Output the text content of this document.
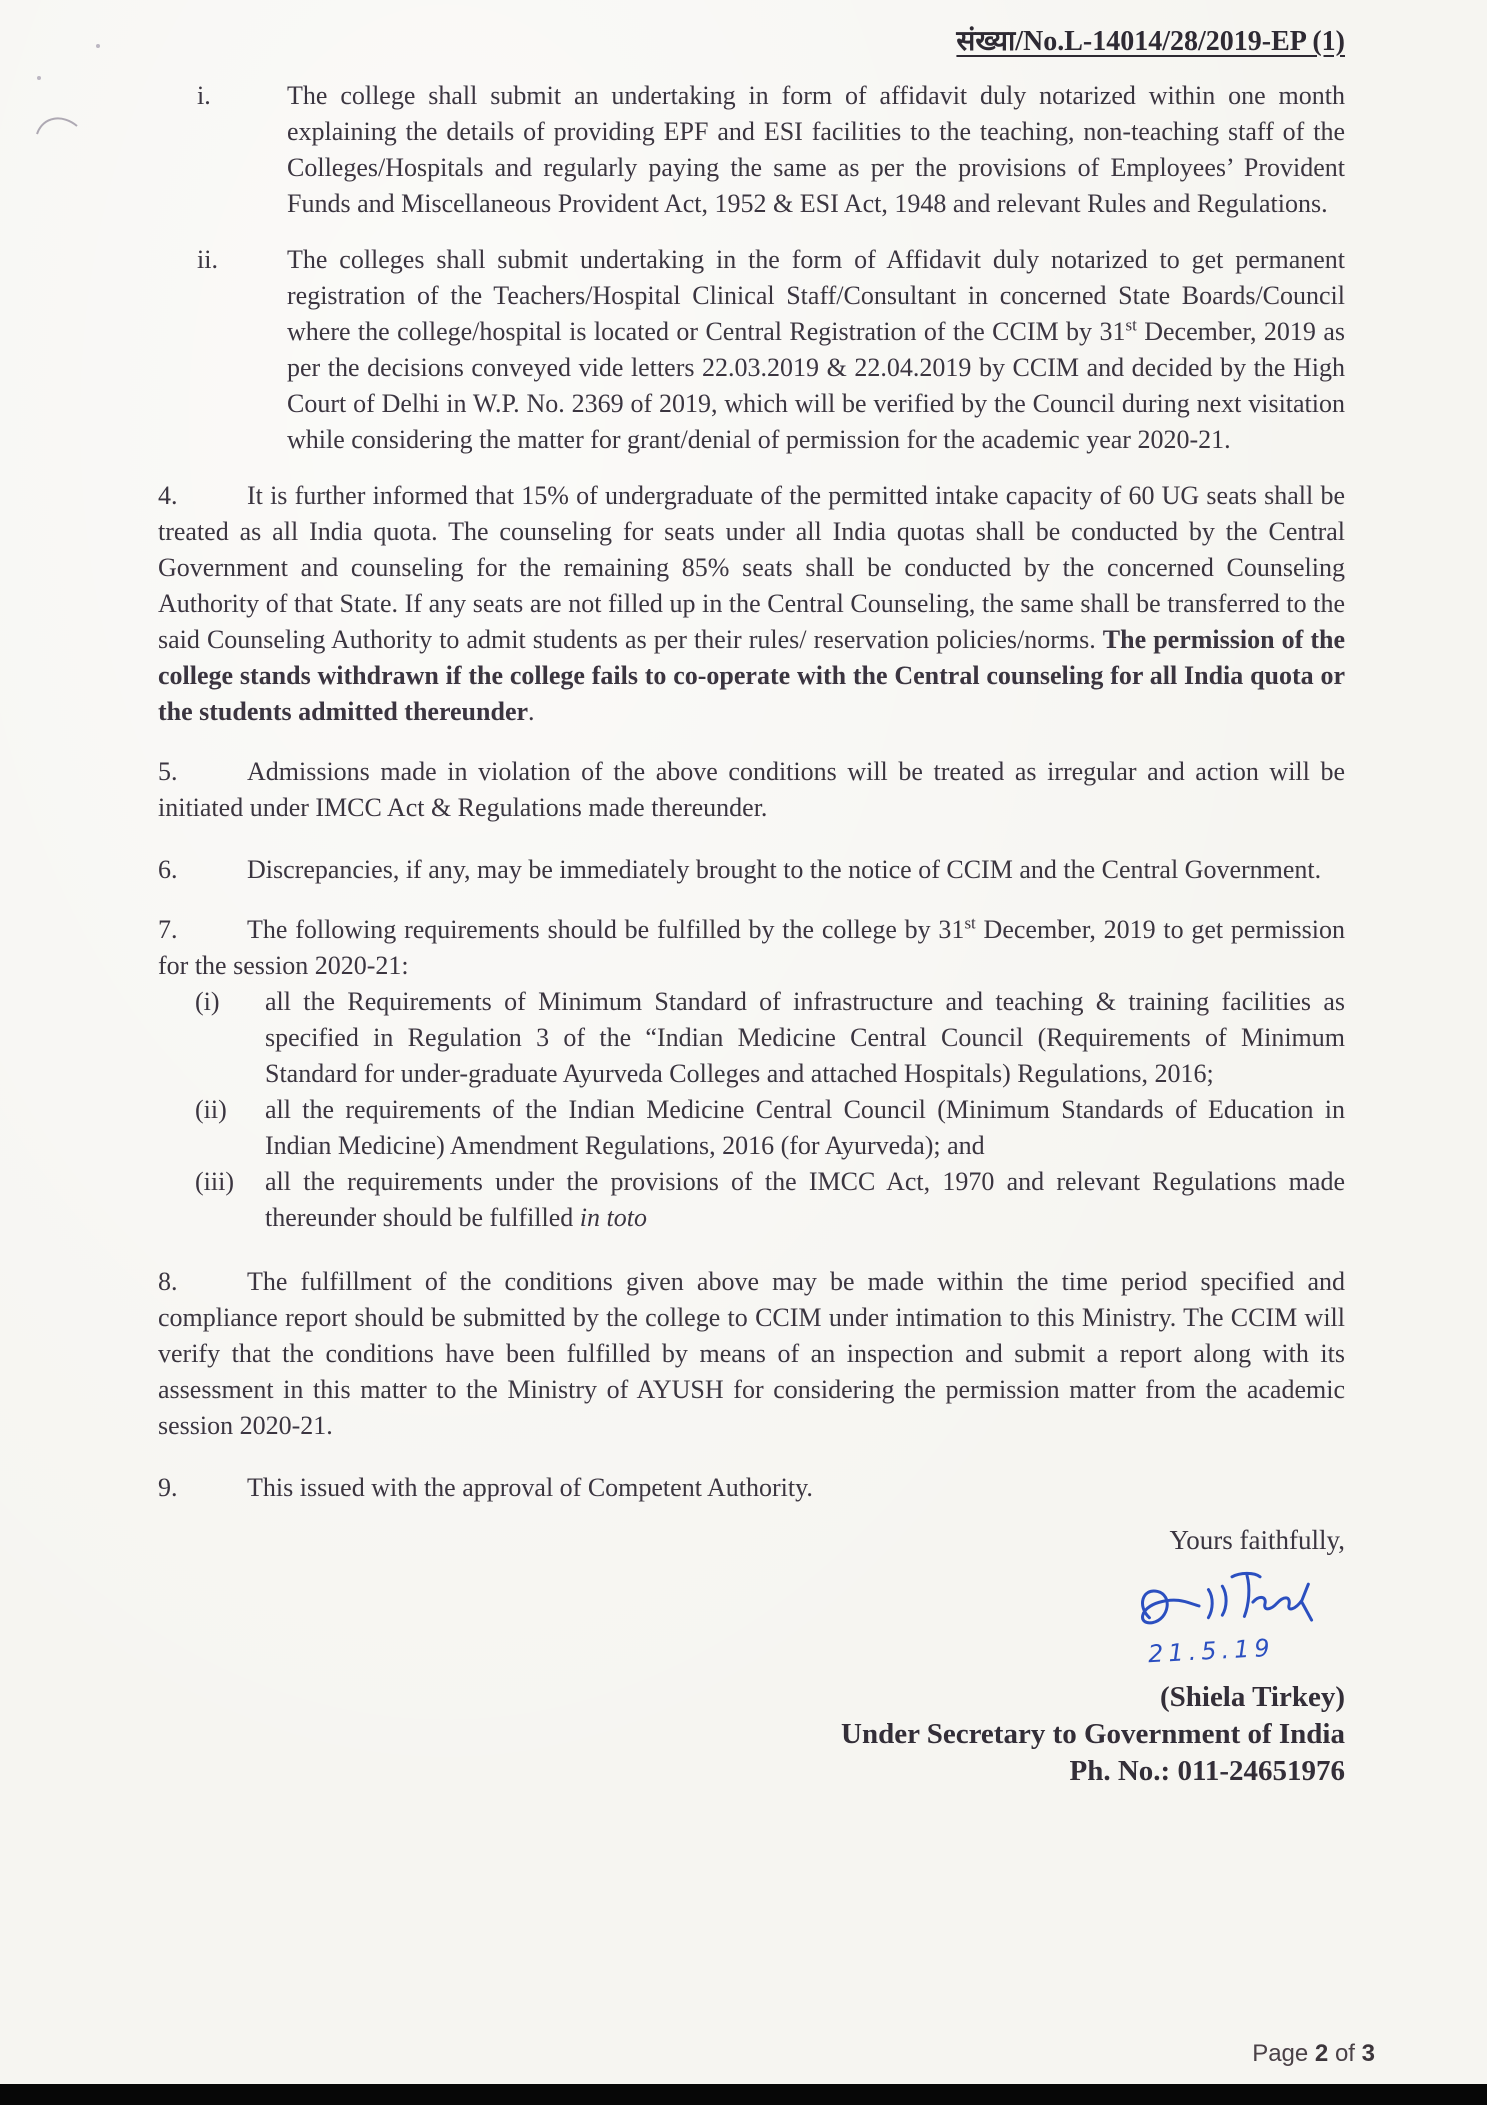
संख्या/No.L-14014/28/2019-EP (1)
i.	The college shall submit an undertaking in form of affidavit duly notarized within one month explaining the details of providing EPF and ESI facilities to the teaching, non-teaching staff of the Colleges/Hospitals and regularly paying the same as per the provisions of Employees’ Provident Funds and Miscellaneous Provident Act, 1952 & ESI Act, 1948 and relevant Rules and Regulations.
ii.	The colleges shall submit undertaking in the form of Affidavit duly notarized to get permanent registration of the Teachers/Hospital Clinical Staff/Consultant in concerned State Boards/Council where the college/hospital is located or Central Registration of the CCIM by 31st December, 2019 as per the decisions conveyed vide letters 22.03.2019 & 22.04.2019 by CCIM and decided by the High Court of Delhi in W.P. No. 2369 of 2019, which will be verified by the Council during next visitation while considering the matter for grant/denial of permission for the academic year 2020-21.

4.	It is further informed that 15% of undergraduate of the permitted intake capacity of 60 UG seats shall be treated as all India quota. The counseling for seats under all India quotas shall be conducted by the Central Government and counseling for the remaining 85% seats shall be conducted by the concerned Counseling Authority of that State. If any seats are not filled up in the Central Counseling, the same shall be transferred to the said Counseling Authority to admit students as per their rules/ reservation policies/norms. The permission of the college stands withdrawn if the college fails to co-operate with the Central counseling for all India quota or the students admitted thereunder.

5.	Admissions made in violation of the above conditions will be treated as irregular and action will be initiated under IMCC Act & Regulations made thereunder.

6.	Discrepancies, if any, may be immediately brought to the notice of CCIM and the Central Government.

7.	The following requirements should be fulfilled by the college by 31st December, 2019 to get permission for the session 2020-21:

(i)	all the Requirements of Minimum Standard of infrastructure and teaching & training facilities as specified in Regulation 3 of the “Indian Medicine Central Council (Requirements of Minimum Standard for under-graduate Ayurveda Colleges and attached Hospitals) Regulations, 2016;
(ii)	all the requirements of the Indian Medicine Central Council (Minimum Standards of Education in Indian Medicine) Amendment Regulations, 2016 (for Ayurveda); and
(iii)	all the requirements under the provisions of the IMCC Act, 1970 and relevant Regulations made thereunder should be fulfilled in toto

8.	The fulfillment of the conditions given above may be made within the time period specified and compliance report should be submitted by the college to CCIM under intimation to this Ministry. The CCIM will verify that the conditions have been fulfilled by means of an inspection and submit a report along with its assessment in this matter to the Ministry of AYUSH for considering the permission matter from the academic session 2020-21.

9.	This issued with the approval of Competent Authority.

Yours faithfully,

21.5.19
(Shiela Tirkey)
Under Secretary to Government of India
Ph. No.: 011-24651976
Page 2 of 3
